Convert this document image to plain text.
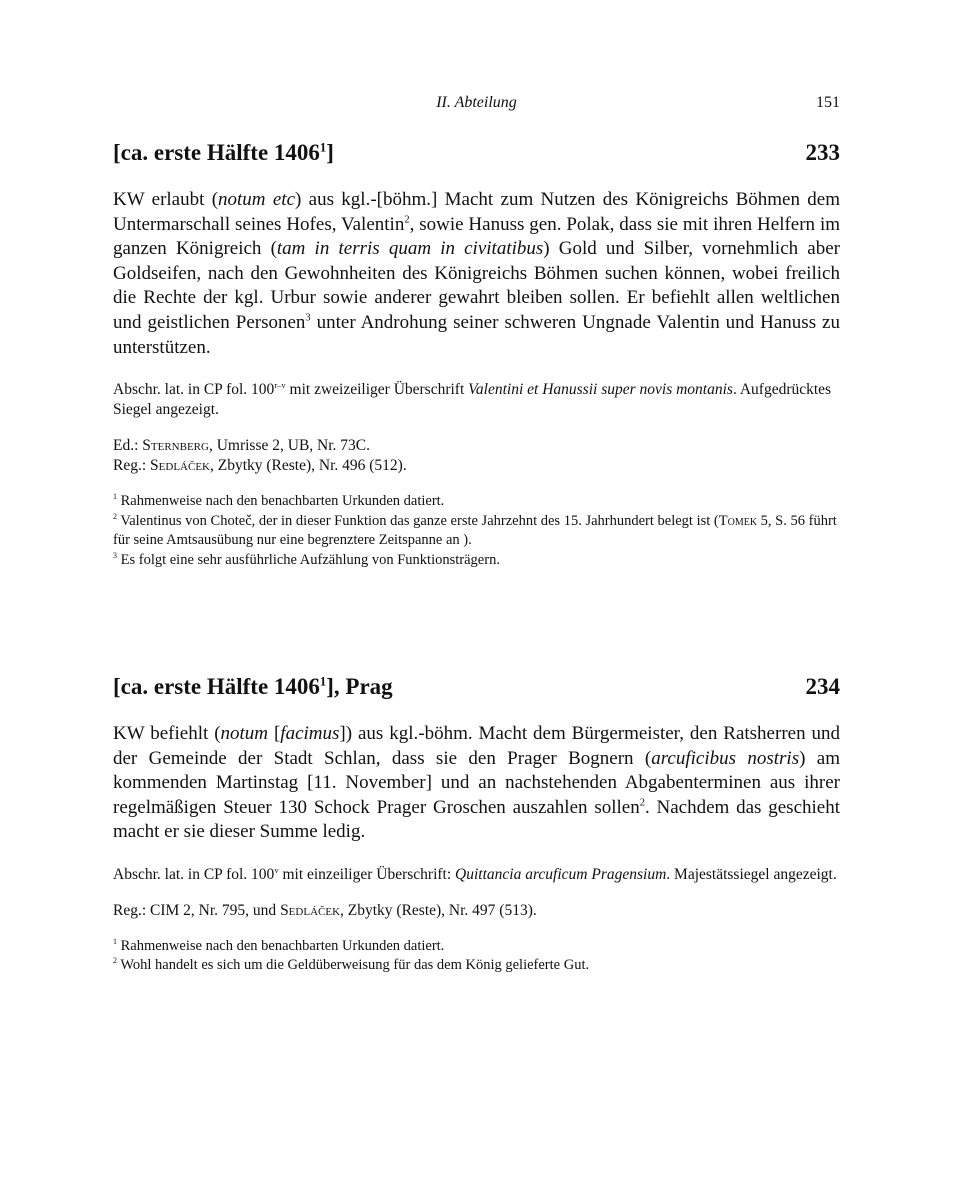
II. Abteilung	151
[ca. erste Hälfte 1406$^1$]	233

KW erlaubt (notum etc) aus kgl.-[böhm.] Macht zum Nutzen des Königreichs Böhmen dem Untermarschall seines Hofes, Valentin$^2$, sowie Hanuss gen. Polak, dass sie mit ihren Helfern im ganzen Königreich (tam in terris quam in civitatibus) Gold und Silber, vornehmlich aber Goldseifen, nach den Gewohnheiten des Königreichs Böhmen suchen können, wobei freilich die Rechte der kgl. Urbur sowie anderer gewahrt bleiben sollen. Er befiehlt allen weltlichen und geistlichen Personen$^3$ unter Androhung seiner schweren Ungnade Valentin und Hanuss zu unterstützen.

Abschr. lat. in CP fol. 100$^{r-v}$ mit zweizeiliger Überschrift Valentini et Hanussii super novis montanis. Aufgedrücktes Siegel angezeigt.

Ed.: Sternberg, Umrisse 2, UB, Nr. 73C.

Reg.: Sedláček, Zbytky (Reste), Nr. 496 (512).

$^1$ Rahmenweise nach den benachbarten Urkunden datiert.

$^2$ Valentinus von Choteč, der in dieser Funktion das ganze erste Jahrzehnt des 15. Jahrhundert belegt ist (Tomek 5, S. 56 führt für seine Amtsausübung nur eine begrenztere Zeitspanne an ).

$^3$ Es folgt eine sehr ausführliche Aufzählung von Funktionsträgern.

[ca. erste Hälfte 1406$^1$], Prag	234

KW befiehlt (notum [facimus]) aus kgl.-böhm. Macht dem Bürgermeister, den Ratsherren und der Gemeinde der Stadt Schlan, dass sie den Prager Bognern (arcuficibus nostris) am kommenden Martinstag [11. November] und an nachstehenden Abgabenterminen aus ihrer regelmäßigen Steuer 130 Schock Prager Groschen auszahlen sollen$^2$. Nachdem das geschieht macht er sie dieser Summe ledig.

Abschr. lat. in CP fol. 100$^v$ mit einzeiliger Überschrift: Quittancia arcuficum Pragensium. Majestätssiegel angezeigt.

Reg.: CIM 2, Nr. 795, und Sedláček, Zbytky (Reste), Nr. 497 (513).

$^1$ Rahmenweise nach den benachbarten Urkunden datiert.

$^2$ Wohl handelt es sich um die Geldüberweisung für das dem König gelieferte Gut.
